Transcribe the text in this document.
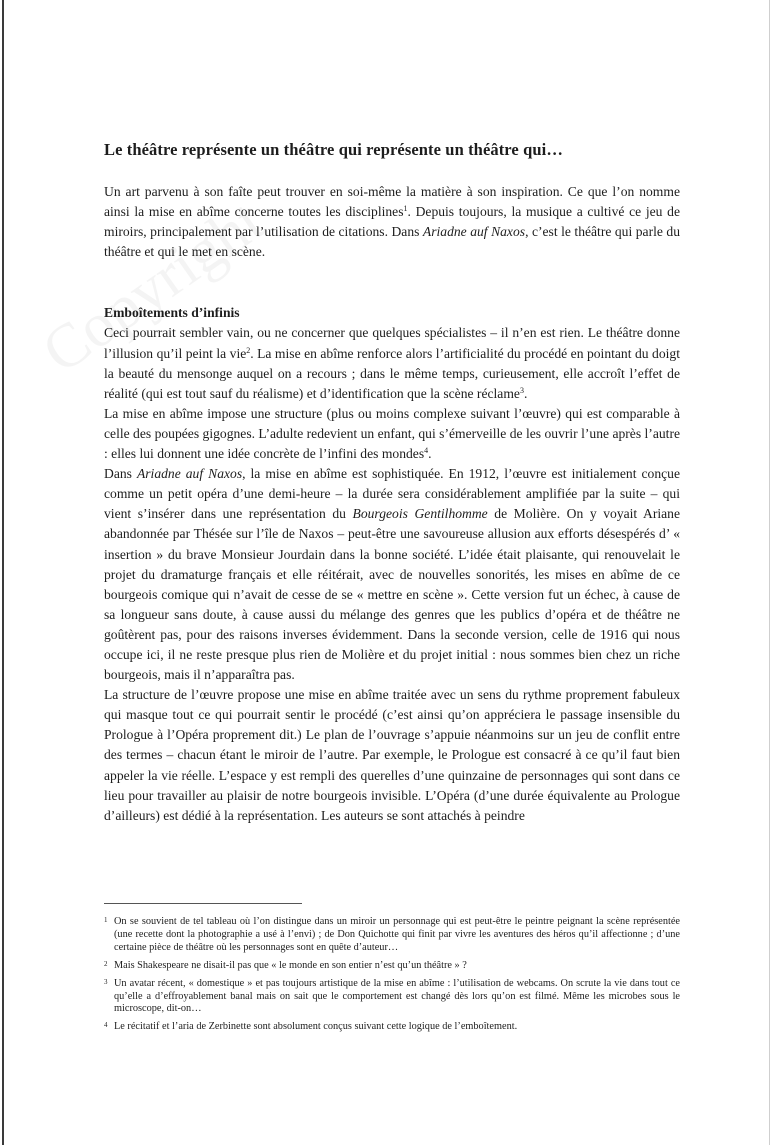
Le théâtre représente un théâtre qui représente un théâtre qui…

Un art parvenu à son faîte peut trouver en soi-même la matière à son inspiration. Ce que l’on nomme ainsi la mise en abîme concerne toutes les disciplines$^1$. Depuis toujours, la musique a cultivé ce jeu de miroirs, principalement par l’utilisation de citations. Dans Ariadne auf Naxos, c’est le théâtre qui parle du théâtre et qui le met en scène.

Emboîtements d’infinis

Ceci pourrait sembler vain, ou ne concerner que quelques spécialistes – il n’en est rien. Le théâtre donne l’illusion qu’il peint la vie$^2$. La mise en abîme renforce alors l’artificialité du procédé en pointant du doigt la beauté du mensonge auquel on a recours ; dans le même temps, curieusement, elle accroît l’effet de réalité (qui est tout sauf du réalisme) et d’identification que la scène réclame$^3$.

La mise en abîme impose une structure (plus ou moins complexe suivant l’œuvre) qui est comparable à celle des poupées gigognes. L’adulte redevient un enfant, qui s’émerveille de les ouvrir l’une après l’autre : elles lui donnent une idée concrète de l’infini des mondes$^4$.

Dans Ariadne auf Naxos, la mise en abîme est sophistiquée. En 1912, l’œuvre est initialement conçue comme un petit opéra d’une demi-heure – la durée sera considérablement amplifiée par la suite – qui vient s’insérer dans une représentation du Bourgeois Gentilhomme de Molière. On y voyait Ariane abandonnée par Thésée sur l’île de Naxos – peut-être une savoureuse allusion aux efforts désespérés d’ « insertion » du brave Monsieur Jourdain dans la bonne société. L’idée était plaisante, qui renouvelait le projet du dramaturge français et elle réitérait, avec de nouvelles sonorités, les mises en abîme de ce bourgeois comique qui n’avait de cesse de se « mettre en scène ». Cette version fut un échec, à cause de sa longueur sans doute, à cause aussi du mélange des genres que les publics d’opéra et de théâtre ne goûtèrent pas, pour des raisons inverses évidemment. Dans la seconde version, celle de 1916 qui nous occupe ici, il ne reste presque plus rien de Molière et du projet initial : nous sommes bien chez un riche bourgeois, mais il n’apparaîtra pas.

La structure de l’œuvre propose une mise en abîme traitée avec un sens du rythme proprement fabuleux qui masque tout ce qui pourrait sentir le procédé (c’est ainsi qu’on appréciera le passage insensible du Prologue à l’Opéra proprement dit.) Le plan de l’ouvrage s’appuie néanmoins sur un jeu de conflit entre des termes – chacun étant le miroir de l’autre. Par exemple, le Prologue est consacré à ce qu’il faut bien appeler la vie réelle. L’espace y est rempli des querelles d’une quinzaine de personnages qui sont dans ce lieu pour travailler au plaisir de notre bourgeois invisible. L’Opéra (d’une durée équivalente au Prologue d’ailleurs) est dédié à la représentation. Les auteurs se sont attachés à peindre

1 On se souvient de tel tableau où l’on distingue dans un miroir un personnage qui est peut-être le peintre peignant la scène représentée (une recette dont la photographie a usé à l’envi) ; de Don Quichotte qui finit par vivre les aventures des héros qu’il affectionne ; d’une certaine pièce de théâtre où les personnages sont en quête d’auteur…
2 Mais Shakespeare ne disait-il pas que « le monde en son entier n’est qu’un théâtre » ?
3 Un avatar récent, « domestique » et pas toujours artistique de la mise en abîme : l’utilisation de webcams. On scrute la vie dans tout ce qu’elle a d’effroyablement banal mais on sait que le comportement est changé dès lors qu’on est filmé. Même les microbes sous le microscope, dit-on…
4 Le récitatif et l’aria de Zerbinette sont absolument conçus suivant cette logique de l’emboîtement.
